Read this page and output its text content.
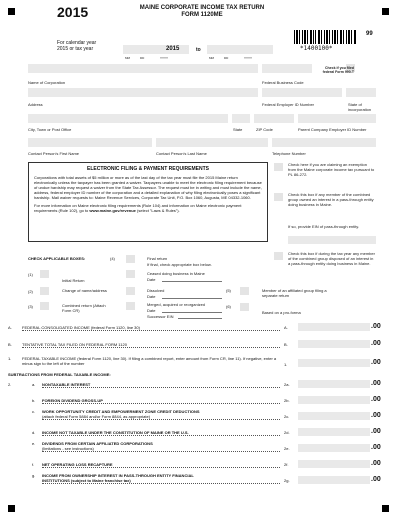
2015	MAINE CORPORATE INCOME TAX RETURN
FORM 1120ME
99
For calendar year
2015 or tax year	2015	to
MM	DD	YYYY	MM	DD	YYYY
*1400100*
Check if you filed federal Form 990-T
Name of Corporation	Federal Business Code
Address	Federal Employer ID Number	State of incorporation
City, Town or Post Office	State	ZIP Code	Parent Company Employer ID Number
Contact Person's First Name	Contact Person's Last Name	Telephone Number
ELECTRONIC FILING & PAYMENT REQUIREMENTS
Corporations with total assets of $5 million or more as of the last day of the tax year must file the 2015 Maine return electronically unless the taxpayer has been granted a waiver. Taxpayers unable to meet the electronic filing requirement because of undue hardship may request a waiver from the State Tax Assessor. The request must be in writing and must include the name, address, federal employer ID number of the corporation and a detailed explanation of why filing electronically poses a significant hardship. Mail waiver requests to: Maine Revenue Services, Corporate Tax Unit, P.O. Box 1060, Augusta, ME 04332-1060.
For more information on Maine electronic filing requirements (Rule 104) and information on Maine electronic payment requirements (Rule 102), go to www.maine.gov/revenue (select "Laws & Rules").
Check here if you are claiming an exemption from the Maine corporate income tax pursuant to PL 86-272.
Check this box if any member of the combined group owned an interest in a pass-through entity doing business in Maine.
If so, provide EIN of pass-through entity.
Check this box if during the tax year any member of the combined group disposed of an interest in a pass-through entity doing business in Maine.
CHECK APPLICABLE BOXES:	(4)	Final return
If final, check appropriate box below.
(1)
Initial Return
Ceased doing business in Maine
Date
(2)	Change of name/address	Dissolved
Date
(5)	Member of an affiliated group filing a separate return
(3)	Combined return (Attach Form CR)
Merged, acquired or reorganized
Date
Successor EIN
(6)
Based on a pro-forma
A.	FEDERAL CONSOLIDATED INCOME (federal Form 1120, line 30)	A.	.00
B.	TENTATIVE TOTAL TAX FILED ON FEDERAL FORM 1120	B.	.00
1.	FEDERAL TAXABLE INCOME (federal Form 1120, line 30). If filing a combined report, enter amount from Form CR, line 11). If negative, enter a minus sign to the left of the number	1.	.00
SUBTRACTIONS FROM FEDERAL TAXABLE INCOME:
2.	a. NONTAXABLE INTEREST	2a.	.00
b. FOREIGN DIVIDEND GROSS-UP	2b.	.00
c. WORK OPPORTUNITY CREDIT AND EMPOWERMENT ZONE CREDIT DEDUCTIONS
(attach federal Form 5884 and/or Form 8844, as appropriate)	2c.	.00
d. INCOME NOT TAXABLE UNDER THE CONSTITUTION OF MAINE OR THE U.S.	2d.	.00
e. DIVIDENDS FROM CERTAIN AFFILIATED CORPORATIONS
(limitations - see instructions)	2e.	.00
f. NET OPERATING LOSS RECAPTURE	2f.	.00
g. INCOME FROM OWNERSHIP INTEREST IN PASS-THROUGH ENTITY FINANCIAL
INSTITUTIONS (subject to Maine franchise tax)	2g.	.00
